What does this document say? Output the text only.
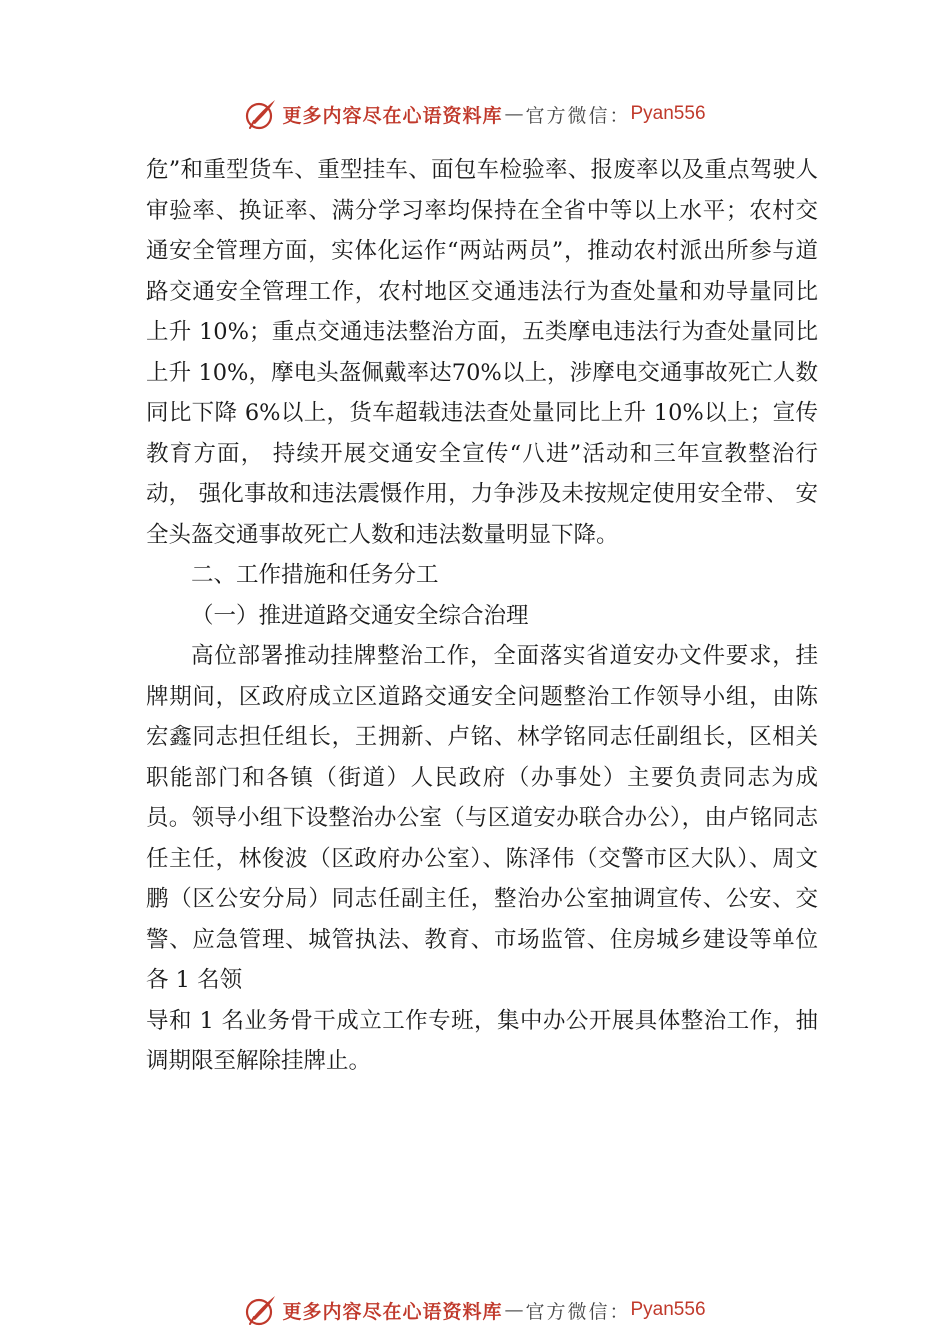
更多内容尽在心语资料库 — 官方微信： Pyan556

危”和重型货车、重型挂车、面包车检验率、报废率以及重点驾驶人审验率、换证率、满分学习率均保持在全省中等以上水平；农村交通安全管理方面，实体化运作“两站两员”，推动农村派出所参与道路交通安全管理工作，农村地区交通违法行为查处量和劝导量同比上升 10%；重点交通违法整治方面，五类摩电违法行为查处量同比上升 10%，摩电头盔佩戴率达70%以上，涉摩电交通事故死亡人数同比下降 6%以上，货车超载违法查处量同比上升 10%以上；宣传教育方面， 持续开展交通安全宣传“八进”活动和三年宣教整治行动， 强化事故和违法震慑作用，力争涉及未按规定使用安全带、 安全头盔交通事故死亡人数和违法数量明显下降。

二、工作措施和任务分工

（一）推进道路交通安全综合治理

高位部署推动挂牌整治工作，全面落实省道安办文件要求，挂牌期间，区政府成立区道路交通安全问题整治工作领导小组，由陈宏鑫同志担任组长，王拥新、卢铭、林学铭同志任副组长，区相关职能部门和各镇（街道）人民政府（办事处）主要负责同志为成员。领导小组下设整治办公室（与区道安办联合办公），由卢铭同志任主任，林俊波（区政府办公室）、陈泽伟（交警市区大队）、周文鹏（区公安分局）同志任副主任，整治办公室抽调宣传、公安、交警、应急管理、城管执法、教育、市场监管、住房城乡建设等单位各 1 名领

导和 1 名业务骨干成立工作专班，集中办公开展具体整治工作，抽调期限至解除挂牌止。

更多内容尽在心语资料库 — 官方微信： Pyan556
